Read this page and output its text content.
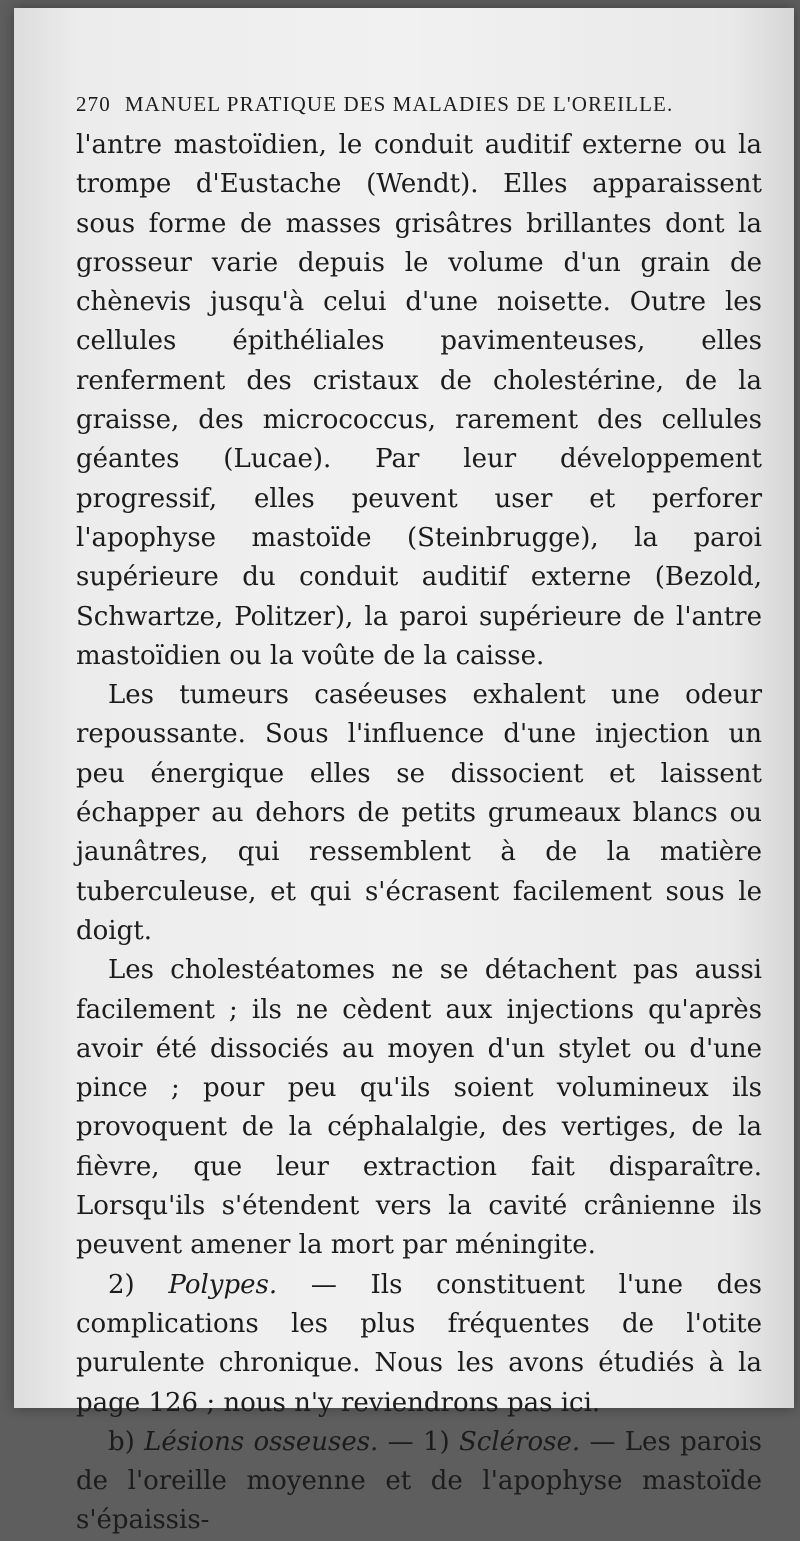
270 MANUEL PRATIQUE DES MALADIES DE L'OREILLE.

l'antre mastoïdien, le conduit auditif externe ou la trompe d'Eustache (Wendt). Elles apparaissent sous forme de masses grisâtres brillantes dont la grosseur varie depuis le volume d'un grain de chènevis jusqu'à celui d'une noisette. Outre les cellules épithéliales pavimenteuses, elles renferment des cristaux de cholestérine, de la graisse, des micrococcus, rarement des cellules géantes (Lucae). Par leur développement progressif, elles peuvent user et perforer l'apophyse mastoïde (Steinbrugge), la paroi supérieure du conduit auditif externe (Bezold, Schwartze, Politzer), la paroi supérieure de l'antre mastoïdien ou la voûte de la caisse.

Les tumeurs caséeuses exhalent une odeur repoussante. Sous l'influence d'une injection un peu énergique elles se dissocient et laissent échapper au dehors de petits grumeaux blancs ou jaunâtres, qui ressemblent à de la matière tuberculeuse, et qui s'écrasent facilement sous le doigt.

Les cholestéatomes ne se détachent pas aussi facilement ; ils ne cèdent aux injections qu'après avoir été dissociés au moyen d'un stylet ou d'une pince ; pour peu qu'ils soient volumineux ils provoquent de la céphalalgie, des vertiges, de la fièvre, que leur extraction fait disparaître. Lorsqu'ils s'étendent vers la cavité crânienne ils peuvent amener la mort par méningite.

2) Polypes. — Ils constituent l'une des complications les plus fréquentes de l'otite purulente chronique. Nous les avons étudiés à la page 126 ; nous n'y reviendrons pas ici.

b) Lésions osseuses. — 1) Sclérose. — Les parois de l'oreille moyenne et de l'apophyse mastoïde s'épaissis-
